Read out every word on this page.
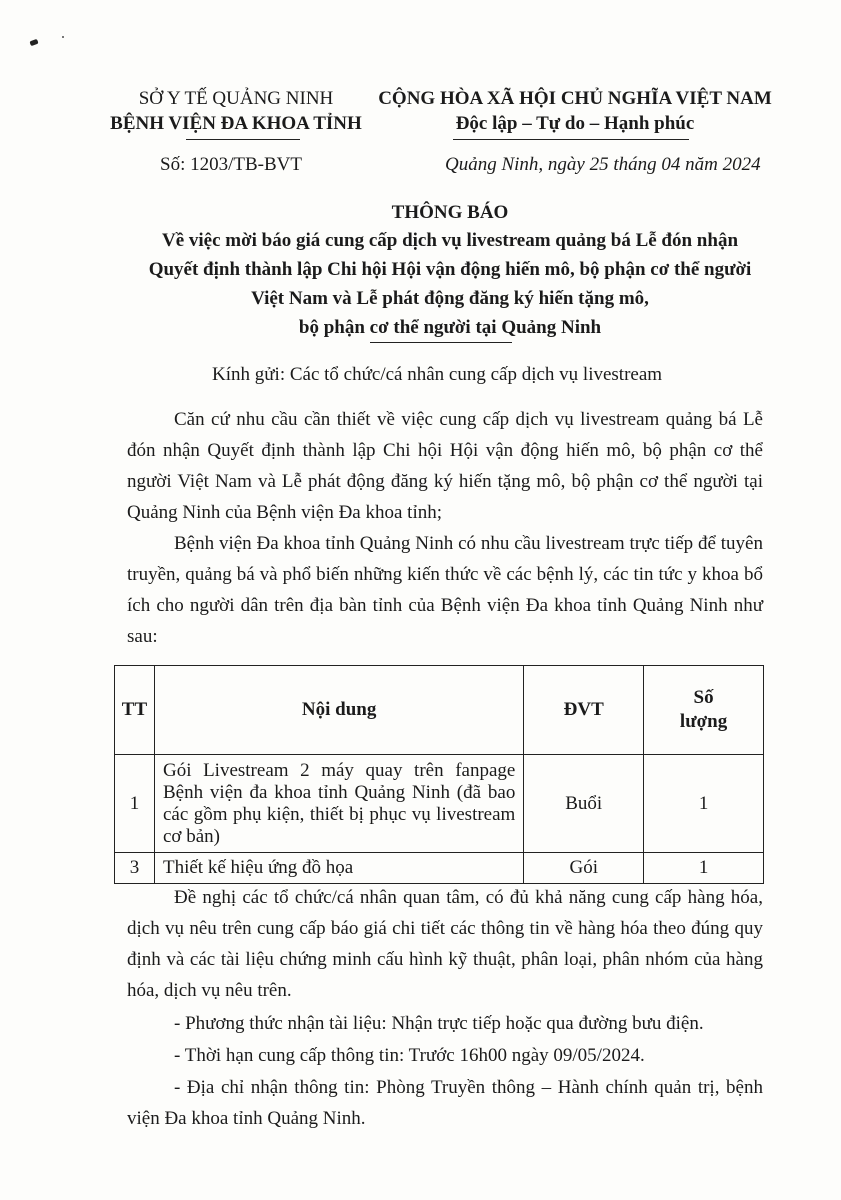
SỞ Y TẾ QUẢNG NINH
BỆNH VIỆN ĐA KHOA TỈNH
CỘNG HÒA XÃ HỘI CHỦ NGHĨA VIỆT NAM
Độc lập – Tự do – Hạnh phúc
Số: 1203/TB-BVT	Quảng Ninh, ngày 25 tháng 04 năm 2024
THÔNG BÁO
Về việc mời báo giá cung cấp dịch vụ livestream quảng bá Lễ đón nhận
Quyết định thành lập Chi hội Hội vận động hiến mô, bộ phận cơ thể người
Việt Nam và Lễ phát động đăng ký hiến tặng mô,
bộ phận cơ thể người tại Quảng Ninh
Kính gửi: Các tổ chức/cá nhân cung cấp dịch vụ livestream
Căn cứ nhu cầu cần thiết về việc cung cấp dịch vụ livestream quảng bá Lễ đón nhận Quyết định thành lập Chi hội Hội vận động hiến mô, bộ phận cơ thể người Việt Nam và Lễ phát động đăng ký hiến tặng mô, bộ phận cơ thể người tại Quảng Ninh của Bệnh viện Đa khoa tỉnh;
Bệnh viện Đa khoa tỉnh Quảng Ninh có nhu cầu livestream trực tiếp để tuyên truyền, quảng bá và phổ biến những kiến thức về các bệnh lý, các tin tức y khoa bổ ích cho người dân trên địa bàn tỉnh của Bệnh viện Đa khoa tỉnh Quảng Ninh như sau:
TT	Nội dung	ĐVT	Số
lượng

1	Gói Livestream 2 máy quay trên fanpage Bệnh viện đa khoa tỉnh Quảng Ninh (đã bao các gồm phụ kiện, thiết bị phục vụ livestream cơ bản)	Buổi	1
3	Thiết kế hiệu ứng đồ họa	Gói	1
Đề nghị các tổ chức/cá nhân quan tâm, có đủ khả năng cung cấp hàng hóa, dịch vụ nêu trên cung cấp báo giá chi tiết các thông tin về hàng hóa theo đúng quy định và các tài liệu chứng minh cấu hình kỹ thuật, phân loại, phân nhóm của hàng hóa, dịch vụ nêu trên.
- Phương thức nhận tài liệu: Nhận trực tiếp hoặc qua đường bưu điện.
- Thời hạn cung cấp thông tin: Trước 16h00 ngày 09/05/2024.
- Địa chỉ nhận thông tin: Phòng Truyền thông – Hành chính quản trị, bệnh viện Đa khoa tỉnh Quảng Ninh.
